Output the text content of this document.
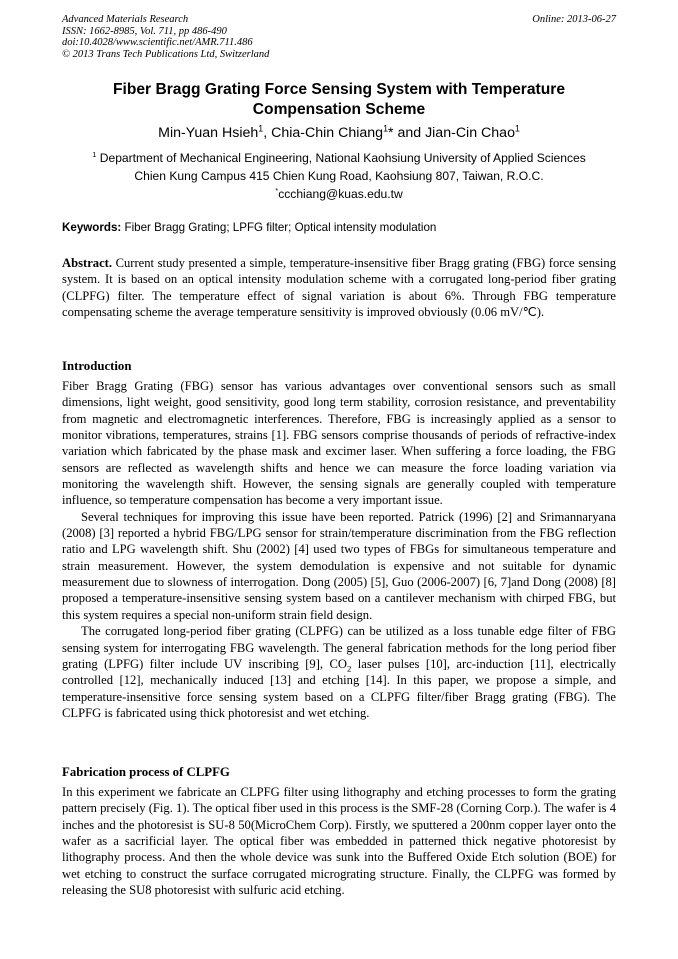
Advanced Materials Research
ISSN: 1662-8985, Vol. 711, pp 486-490
doi:10.4028/www.scientific.net/AMR.711.486
© 2013 Trans Tech Publications Ltd, Switzerland
Online: 2013-06-27
Fiber Bragg Grating Force Sensing System with Temperature
Compensation Scheme
Min-Yuan Hsieh$^1$, Chia-Chin Chiang$^1$* and Jian-Cin Chao$^1$
$^1$ Department of Mechanical Engineering, National Kaohsiung University of Applied Sciences
Chien Kung Campus 415 Chien Kung Road, Kaohsiung 807, Taiwan, R.O.C.
*ccchiang@kuas.edu.tw
Keywords: Fiber Bragg Grating; LPFG filter; Optical intensity modulation

Abstract. Current study presented a simple, temperature-insensitive fiber Bragg grating (FBG) force sensing system. It is based on an optical intensity modulation scheme with a corrugated long-period fiber grating (CLPFG) filter. The temperature effect of signal variation is about 6%. Through FBG temperature compensating scheme the average temperature sensitivity is improved obviously (0.06 mV/℃).

Introduction

Fiber Bragg Grating (FBG) sensor has various advantages over conventional sensors such as small dimensions, light weight, good sensitivity, good long term stability, corrosion resistance, and preventability from magnetic and electromagnetic interferences. Therefore, FBG is increasingly applied as a sensor to monitor vibrations, temperatures, strains [1]. FBG sensors comprise thousands of periods of refractive-index variation which fabricated by the phase mask and excimer laser. When suffering a force loading, the FBG sensors are reflected as wavelength shifts and hence we can measure the force loading variation via monitoring the wavelength shift. However, the sensing signals are generally coupled with temperature influence, so temperature compensation has become a very important issue.

Several techniques for improving this issue have been reported. Patrick (1996) [2] and Srimannaryana (2008) [3] reported a hybrid FBG/LPG sensor for strain/temperature discrimination from the FBG reflection ratio and LPG wavelength shift. Shu (2002) [4] used two types of FBGs for simultaneous temperature and strain measurement. However, the system demodulation is expensive and not suitable for dynamic measurement due to slowness of interrogation. Dong (2005) [5], Guo (2006-2007) [6, 7]and Dong (2008) [8] proposed a temperature-insensitive sensing system based on a cantilever mechanism with chirped FBG, but this system requires a special non-uniform strain field design.

The corrugated long-period fiber grating (CLPFG) can be utilized as a loss tunable edge filter of FBG sensing system for interrogating FBG wavelength. The general fabrication methods for the long period fiber grating (LPFG) filter include UV inscribing [9], $CO_2$ laser pulses [10], arc-induction [11], electrically controlled [12], mechanically induced [13] and etching [14]. In this paper, we propose a simple, and temperature-insensitive force sensing system based on a CLPFG filter/fiber Bragg grating (FBG). The CLPFG is fabricated using thick photoresist and wet etching.

Fabrication process of CLPFG

In this experiment we fabricate an CLPFG filter using lithography and etching processes to form the grating pattern precisely (Fig. 1). The optical fiber used in this process is the SMF-28 (Corning Corp.). The wafer is 4 inches and the photoresist is SU-8 50(MicroChem Corp). Firstly, we sputtered a 200nm copper layer onto the wafer as a sacrificial layer. The optical fiber was embedded in patterned thick negative photoresist by lithography process. And then the whole device was sunk into the Buffered Oxide Etch solution (BOE) for wet etching to construct the surface corrugated micrograting structure. Finally, the CLPFG was formed by releasing the SU8 photoresist with sulfuric acid etching.
